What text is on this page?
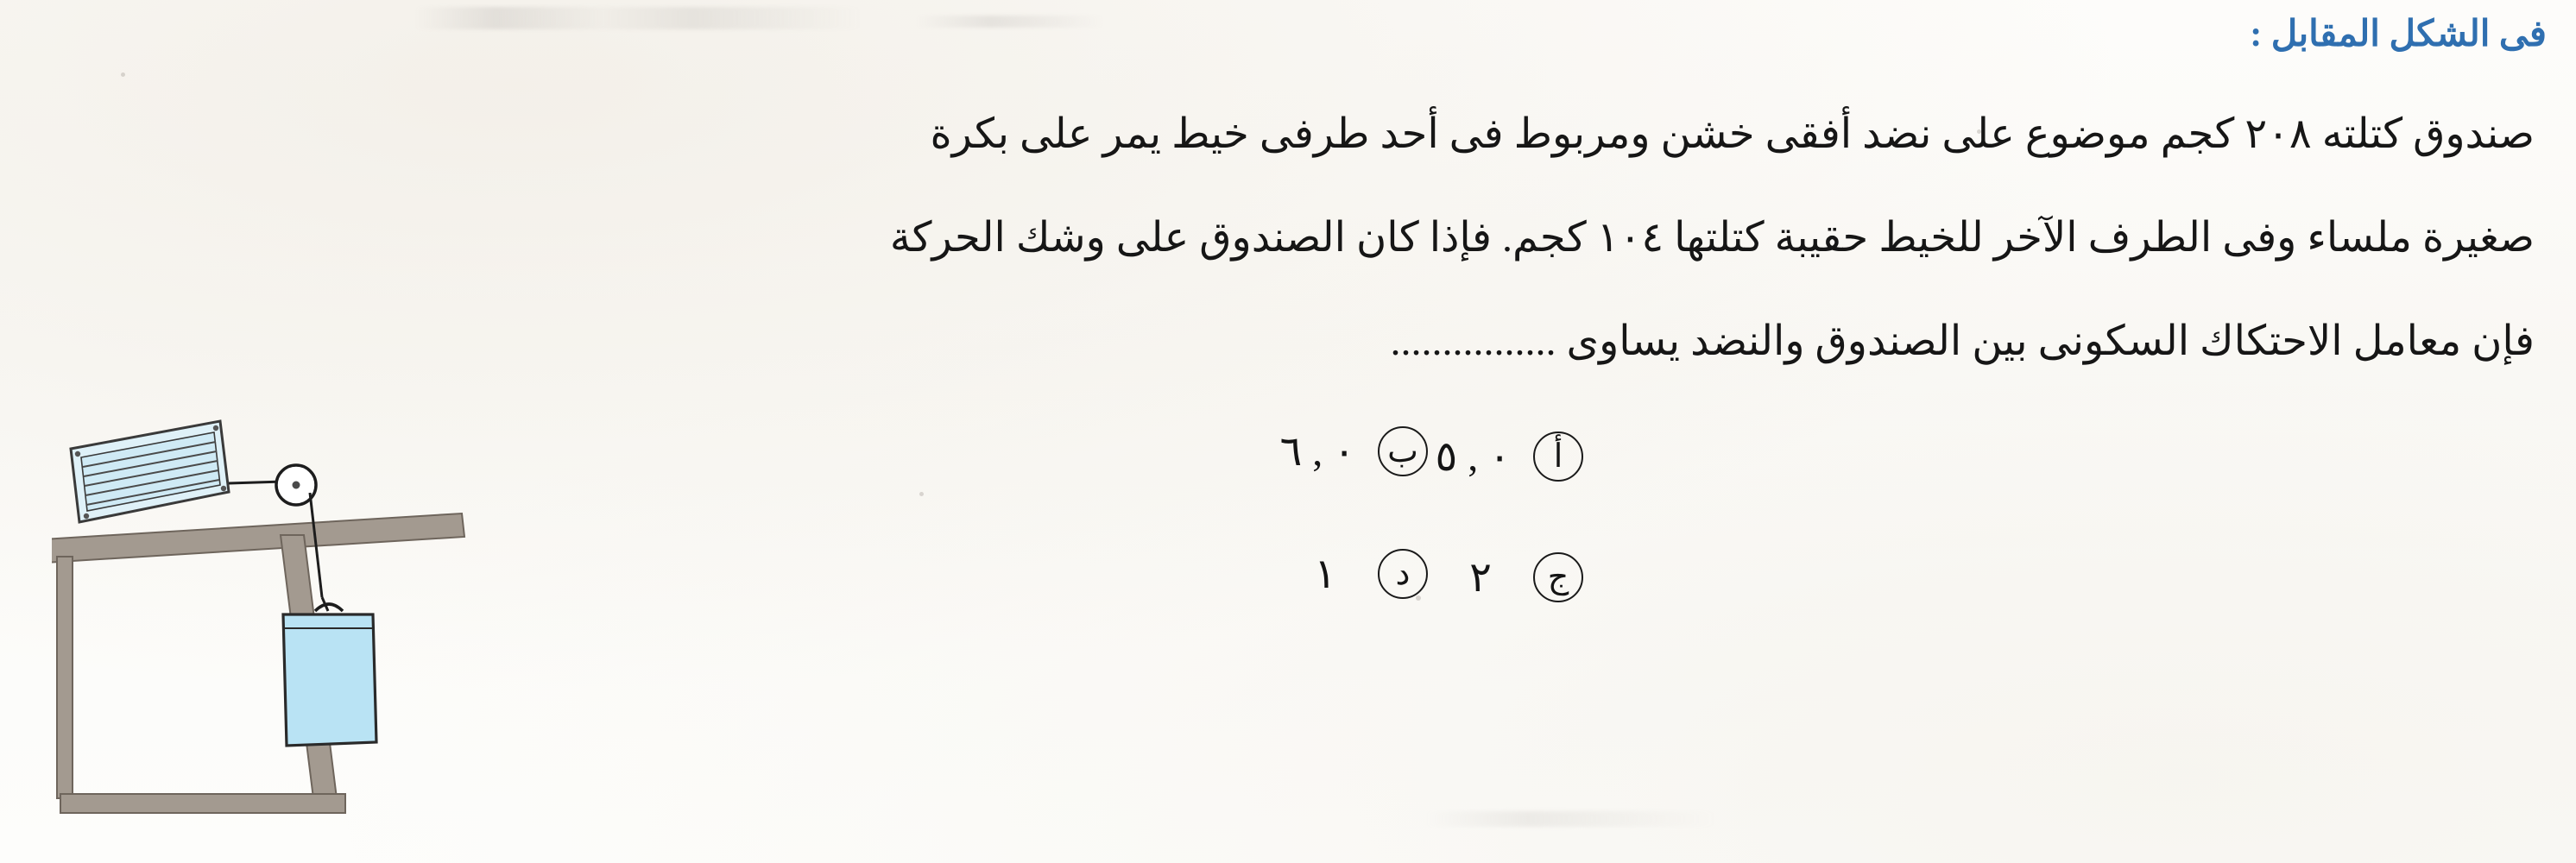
فى الشكل المقابل :
صندوق كتلته ٢٠٨ كجم موضوع على نضد أفقى خشن ومربوط فى أحد طرفى خيط يمر على بكرة
صغيرة ملساء وفى الطرف الآخر للخيط حقيبة كتلتها ١٠٤ كجم. فإذا كان الصندوق على وشك الحركة
فإن معامل الاحتكاك السكونى بين الصندوق والنضد يساوى ................
أ
٠ , ٥
ب
٠ , ٦
ج
٢
د
١
